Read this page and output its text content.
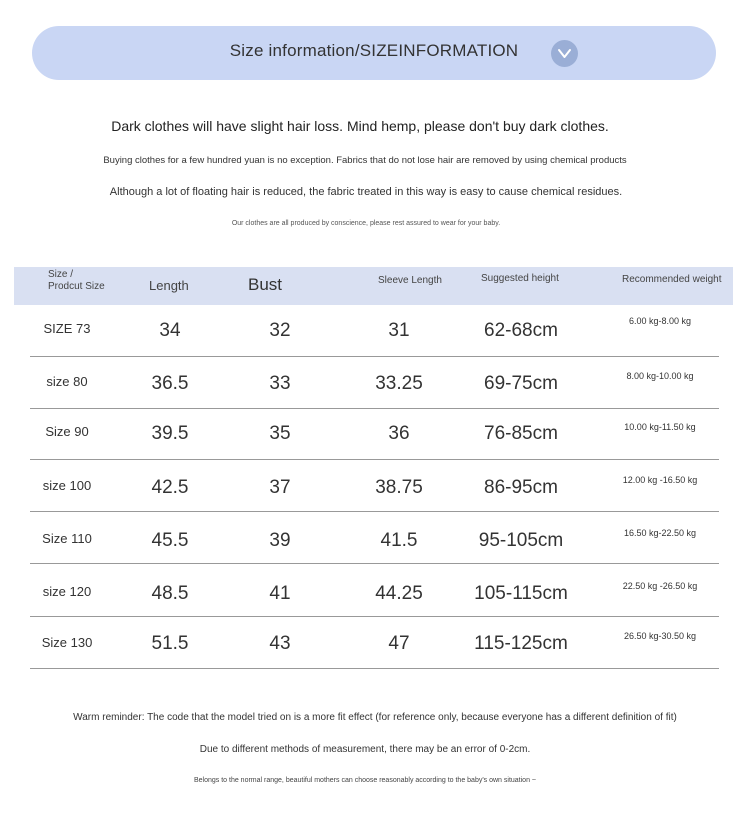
Size information/SIZEINFORMATION
Dark clothes will have slight hair loss. Mind hemp, please don't buy dark clothes.
Buying clothes for a few hundred yuan is no exception. Fabrics that do not lose hair are removed by using chemical products
Although a lot of floating hair is reduced, the fabric treated in this way is easy to cause chemical residues.
Our clothes are all produced by conscience, please rest assured to wear for your baby.
Size / Prodcut Size	Length	Bust	Sleeve Length	Suggested height	Recommended weight
SIZE 73	34	32	31	62-68cm	6.00 kg-8.00 kg
size 80	36.5	33	33.25	69-75cm	8.00 kg-10.00 kg
Size 90	39.5	35	36	76-85cm	10.00 kg-11.50 kg
size 100	42.5	37	38.75	86-95cm	12.00 kg -16.50 kg
Size 110	45.5	39	41.5	95-105cm	16.50 kg-22.50 kg
size 120	48.5	41	44.25	105-115cm	22.50 kg -26.50 kg
Size 130	51.5	43	47	115-125cm	26.50 kg-30.50 kg
Warm reminder: The code that the model tried on is a more fit effect (for reference only, because everyone has a different definition of fit)
Due to different methods of measurement, there may be an error of 0-2cm.
Belongs to the normal range, beautiful mothers can choose reasonably according to the baby's own situation ~
